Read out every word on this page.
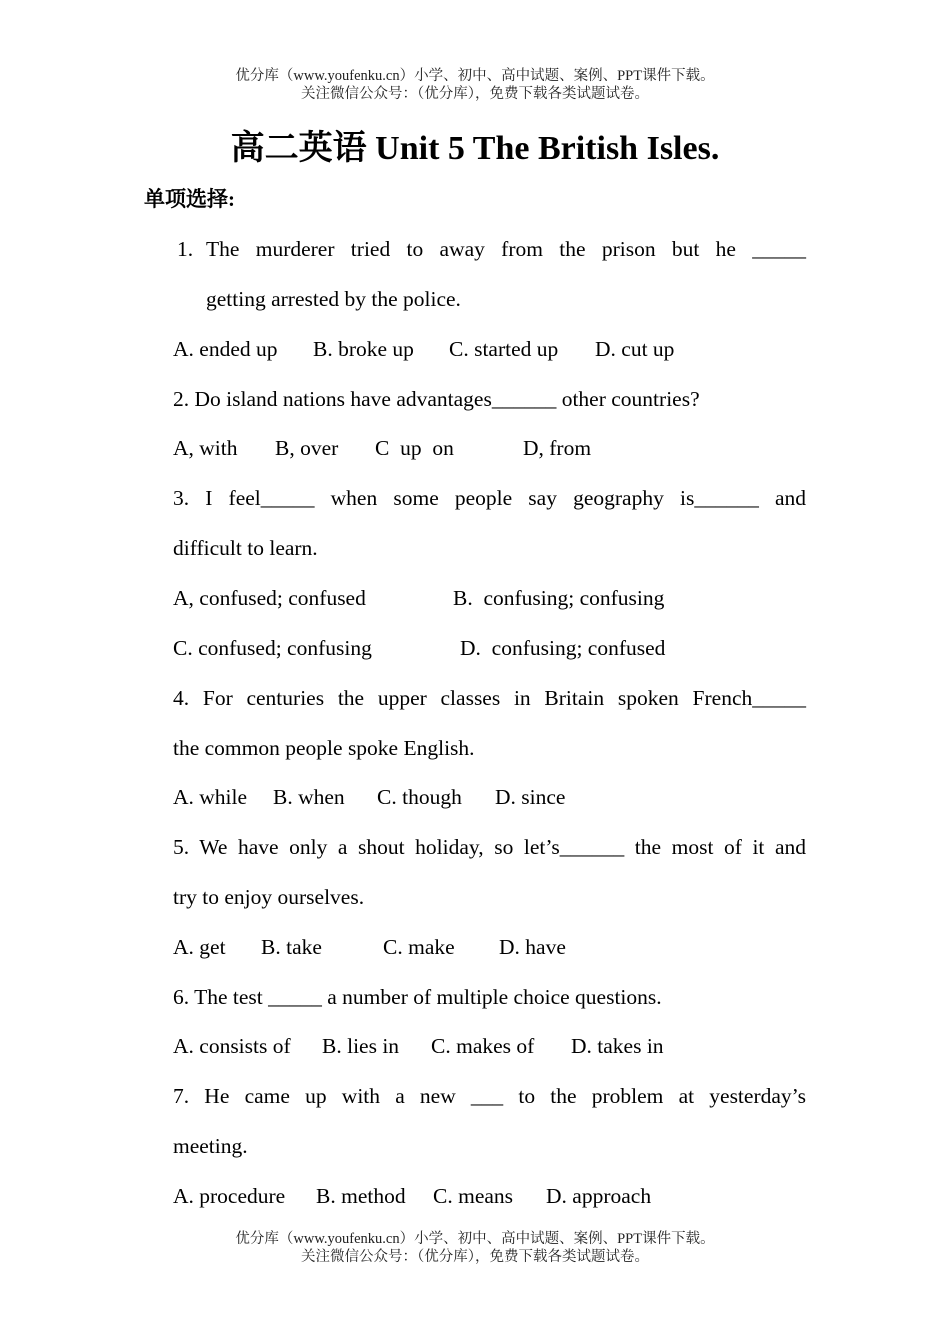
优分库（www.youfenku.cn）小学、初中、高中试题、案例、PPT课件下载。
关注微信公众号：（优分库），免费下载各类试题试卷。
高二英语 Unit 5 The British Isles.
单项选择:
1. The murderer tried to away from the prison but he _____
getting arrested by the police.
A. ended up B. broke up C. started up D. cut up
2. Do island nations have advantages______ other countries?
A, with B, over C  up  on	D, from
3. I feel_____ when some people say geography is______ and
difficult to learn.
A, confused; confused	B.  confusing; confusing
C. confused; confusing	D.  confusing; confused
4. For centuries the upper classes in Britain spoken French_____
the common people spoke English.
A. while B. when C. though D. since
5. We have only a shout holiday, so let’s______ the most of it and
try to enjoy ourselves.
A. get B. take	C. make D. have
6. The test _____ a number of multiple choice questions.
A. consists of B. lies in C. makes of D. takes in
7. He came up with a new ___ to the problem at yesterday’s
meeting.
A. procedure B. method C. means D. approach
优分库（www.youfenku.cn）小学、初中、高中试题、案例、PPT课件下载。
关注微信公众号：（优分库），免费下载各类试题试卷。
